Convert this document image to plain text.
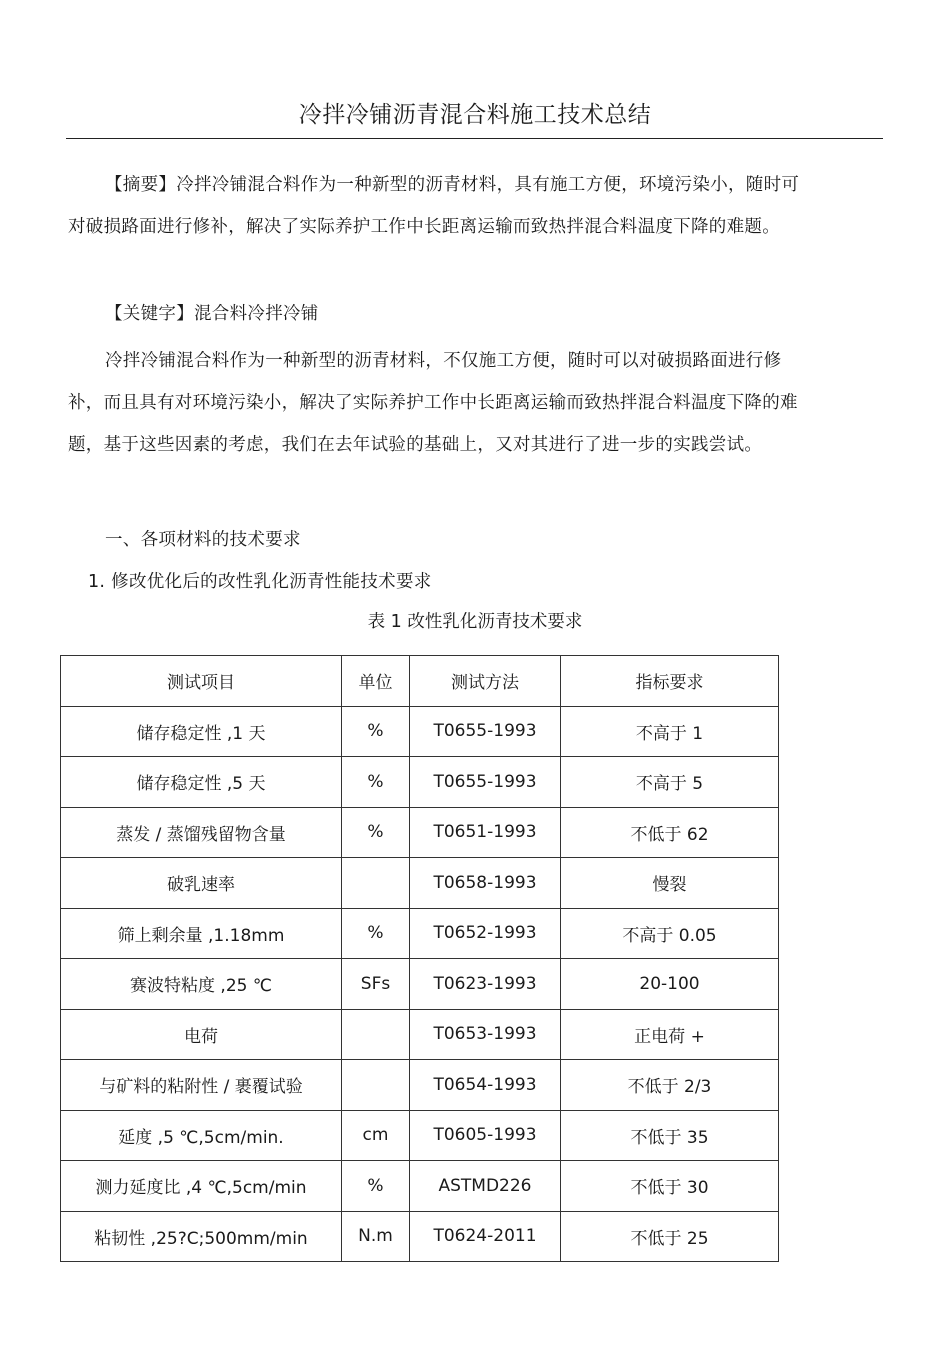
冷拌冷铺沥青混合料施工技术总结

【摘要】冷拌冷铺混合料作为一种新型的沥青材料，具有施工方便，环境污染小，随时可对破损路面进行修补，解决了实际养护工作中长距离运输而致热拌混合料温度下降的难题。

【关键字】混合料冷拌冷铺

冷拌冷铺混合料作为一种新型的沥青材料，不仅施工方便，随时可以对破损路面进行修补，而且具有对环境污染小，解决了实际养护工作中长距离运输而致热拌混合料温度下降的难题，基于这些因素的考虑，我们在去年试验的基础上，又对其进行了进一步的实践尝试。

一、各项材料的技术要求

1. 修改优化后的改性乳化沥青性能技术要求

表 1 改性乳化沥青技术要求

测试项目	单位	测试方法	指标要求
储存稳定性 ,1 天	%	T0655-1993	不高于 1
储存稳定性 ,5 天	%	T0655-1993	不高于 5
蒸发 / 蒸馏残留物含量	%	T0651-1993	不低于 62
破乳速率		T0658-1993	慢裂
筛上剩余量 ,1.18mm	%	T0652-1993	不高于 0.05
赛波特粘度 ,25 ℃	SFs	T0623-1993	20-100
电荷		T0653-1993	正电荷 +
与矿料的粘附性 / 裹覆试验		T0654-1993	不低于 2/3
延度 ,5 ℃,5cm/min.	cm	T0605-1993	不低于 35
测力延度比 ,4 ℃,5cm/min	%	ASTMD226	不低于 30
粘韧性 ,25?C;500mm/min	N.m	T0624-2011	不低于 25
